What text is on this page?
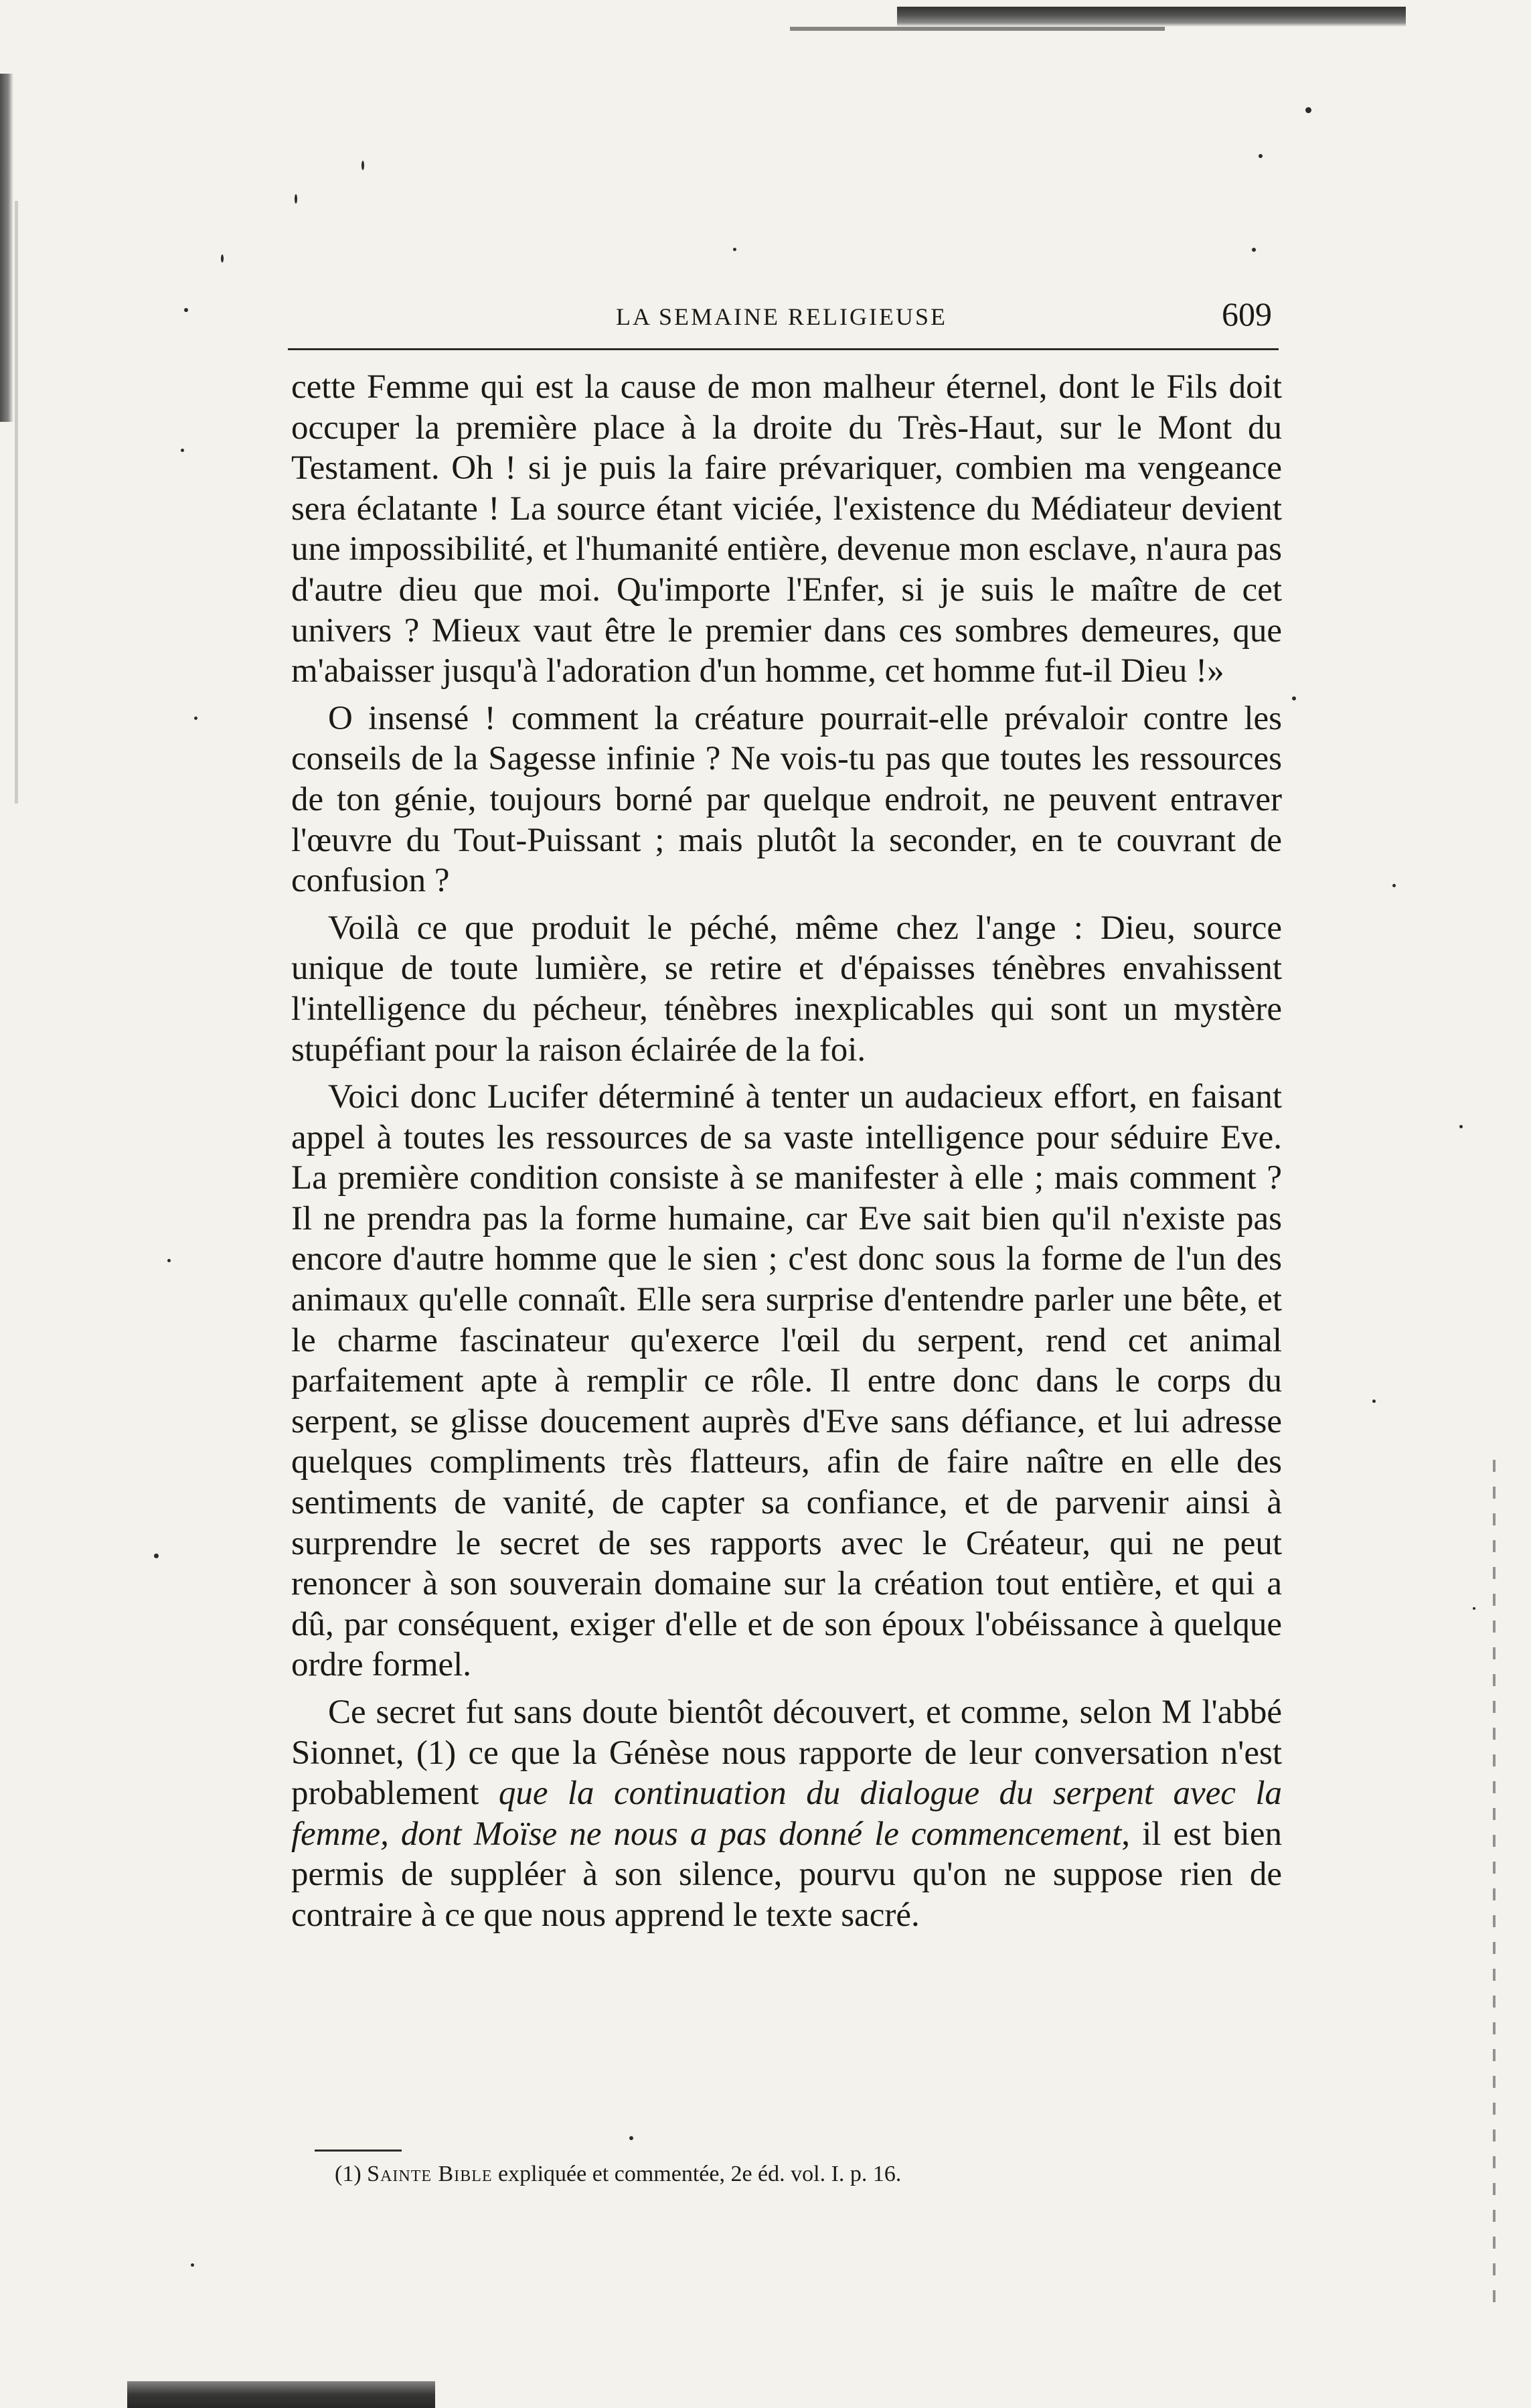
LA SEMAINE RELIGIEUSE	609

cette Femme qui est la cause de mon malheur éternel, dont le Fils doit occuper la première place à la droite du Très-Haut, sur le Mont du Testament. Oh ! si je puis la faire prévariquer, combien ma vengeance sera éclatante ! La source étant viciée, l'existence du Médiateur devient une impossibilité, et l'humanité entière, devenue mon esclave, n'aura pas d'autre dieu que moi. Qu'importe l'Enfer, si je suis le maître de cet univers ? Mieux vaut être le premier dans ces sombres demeures, que m'abaisser jusqu'à l'adoration d'un homme, cet homme fut-il Dieu !»

O insensé ! comment la créature pourrait-elle prévaloir contre les conseils de la Sagesse infinie ? Ne vois-tu pas que toutes les ressources de ton génie, toujours borné par quelque endroit, ne peuvent entraver l'œuvre du Tout-Puissant ; mais plutôt la seconder, en te couvrant de confusion ?

Voilà ce que produit le péché, même chez l'ange : Dieu, source unique de toute lumière, se retire et d'épaisses ténèbres envahissent l'intelligence du pécheur, ténèbres inexplicables qui sont un mystère stupéfiant pour la raison éclairée de la foi.

Voici donc Lucifer déterminé à tenter un audacieux effort, en faisant appel à toutes les ressources de sa vaste intelligence pour séduire Eve. La première condition consiste à se manifester à elle ; mais comment ? Il ne prendra pas la forme humaine, car Eve sait bien qu'il n'existe pas encore d'autre homme que le sien ; c'est donc sous la forme de l'un des animaux qu'elle connaît. Elle sera surprise d'entendre parler une bête, et le charme fascinateur qu'exerce l'œil du serpent, rend cet animal parfaitement apte à remplir ce rôle. Il entre donc dans le corps du serpent, se glisse doucement auprès d'Eve sans défiance, et lui adresse quelques compliments très flatteurs, afin de faire naître en elle des sentiments de vanité, de capter sa confiance, et de parvenir ainsi à surprendre le secret de ses rapports avec le Créateur, qui ne peut renoncer à son souverain domaine sur la création tout entière, et qui a dû, par conséquent, exiger d'elle et de son époux l'obéissance à quelque ordre formel.

Ce secret fut sans doute bientôt découvert, et comme, selon M l'abbé Sionnet, (1) ce que la Génèse nous rapporte de leur conversation n'est probablement que la continuation du dialogue du serpent avec la femme, dont Moïse ne nous a pas donné le commencement, il est bien permis de suppléer à son silence, pourvu qu'on ne suppose rien de contraire à ce que nous apprend le texte sacré.

(1) Sainte Bible expliquée et commentée, 2e éd. vol. I. p. 16.
